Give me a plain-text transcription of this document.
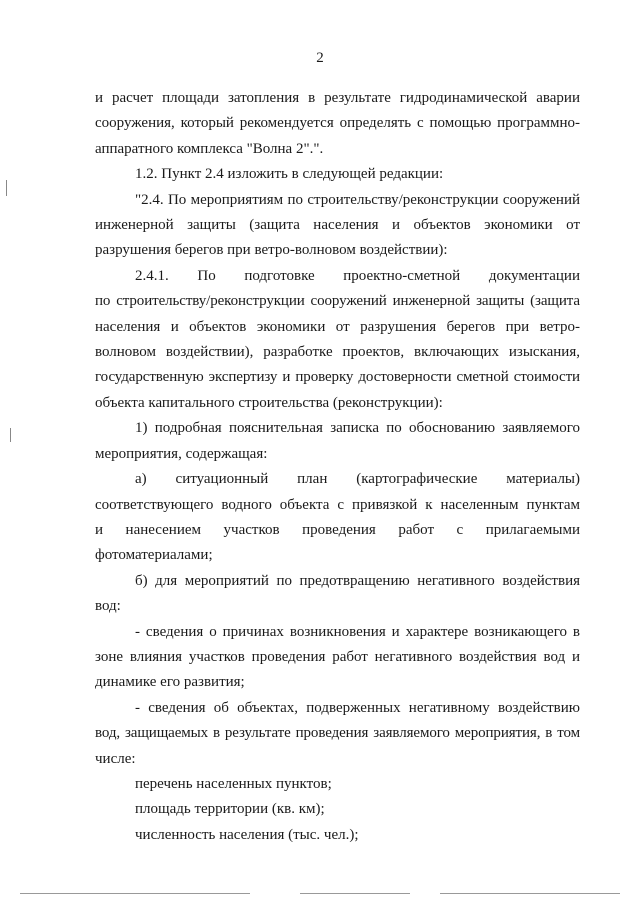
2
и расчет площади затопления в результате гидродинамической аварии
сооружения, который рекомендуется определять с помощью программно-
аппаратного комплекса "Волна 2".".
1.2. Пункт 2.4 изложить в следующей редакции:
"2.4. По мероприятиям по строительству/реконструкции сооружений
инженерной защиты (защита населения и объектов экономики от
разрушения берегов при ветро-волновом воздействии):
2.4.1. По подготовке проектно-сметной документации
по строительству/реконструкции сооружений инженерной защиты (защита
населения и объектов экономики от разрушения берегов при ветро-
волновом воздействии), разработке проектов, включающих изыскания,
государственную экспертизу и проверку достоверности сметной стоимости
объекта капитального строительства (реконструкции):
1) подробная пояснительная записка по обоснованию заявляемого
мероприятия, содержащая:
а) ситуационный план (картографические материалы)
соответствующего водного объекта с привязкой к населенным пунктам
и нанесением участков проведения работ с прилагаемыми
фотоматериалами;
б) для мероприятий по предотвращению негативного воздействия
вод:
- сведения о причинах возникновения и характере возникающего в
зоне влияния участков проведения работ негативного воздействия вод и
динамике его развития;
- сведения об объектах, подверженных негативному воздействию
вод, защищаемых в результате проведения заявляемого мероприятия, в том
числе:
перечень населенных пунктов;
площадь территории (кв. км);
численность населения (тыс. чел.);
